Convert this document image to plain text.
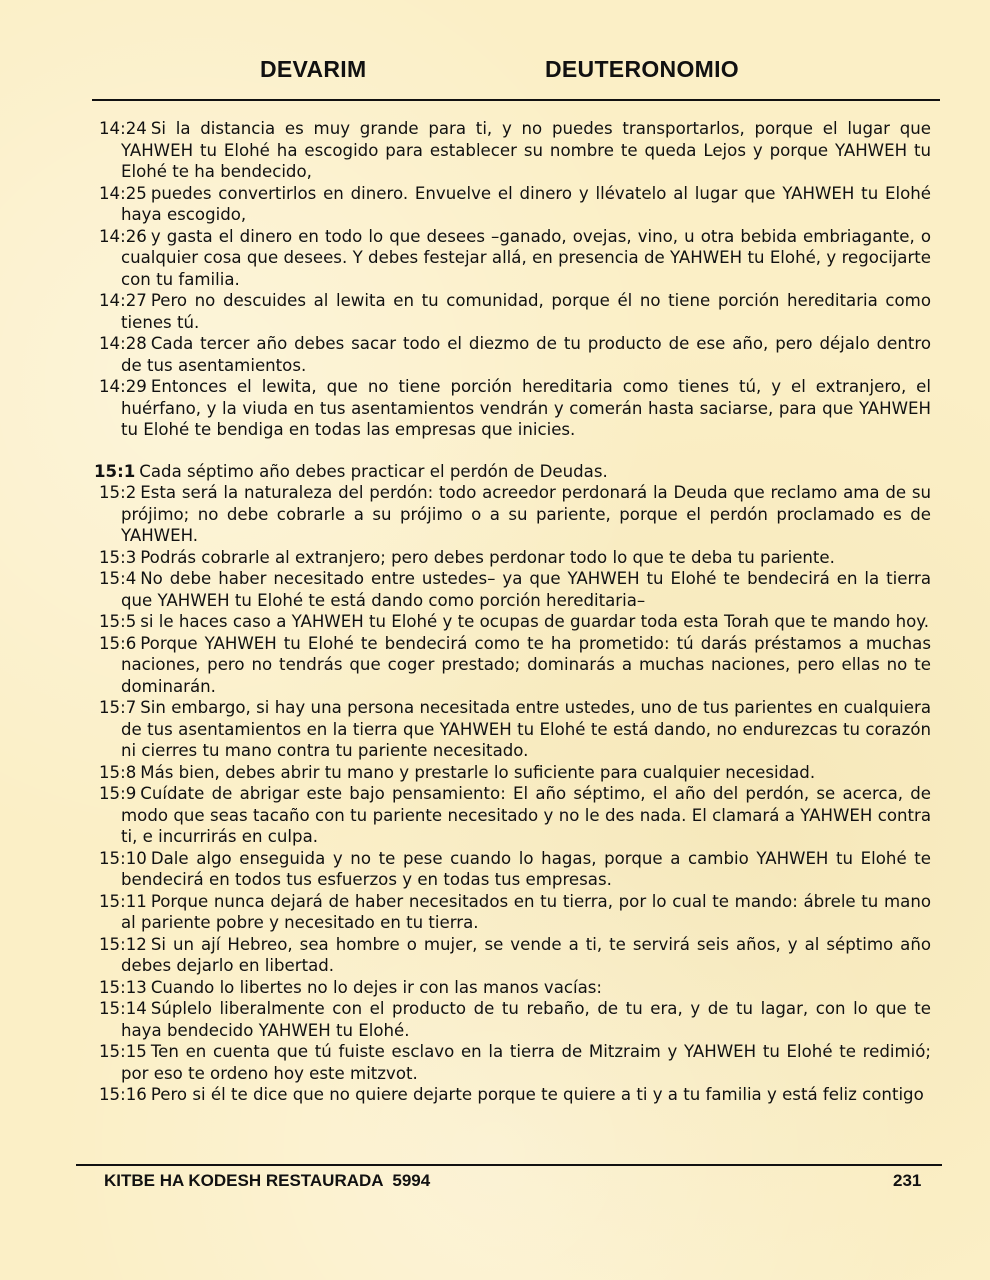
DEVARIM	DEUTERONOMIO

14:24 Si la distancia es muy grande para ti, y no puedes transportarlos, porque el lugar que YAHWEH tu Elohé ha escogido para establecer su nombre te queda Lejos y porque YAHWEH tu Elohé te ha bendecido,

14:25 puedes convertirlos en dinero. Envuelve el dinero y llévatelo al lugar que YAHWEH tu Elohé haya escogido,

14:26 y gasta el dinero en todo lo que desees –ganado, ovejas, vino, u otra bebida embriagante, o cualquier cosa que desees. Y debes festejar allá, en presencia de YAHWEH tu Elohé, y regocijarte con tu familia.

14:27 Pero no descuides al lewita en tu comunidad, porque él no tiene porción hereditaria como tienes tú.

14:28 Cada tercer año debes sacar todo el diezmo de tu producto de ese año, pero déjalo dentro de tus asentamientos.

14:29 Entonces el lewita, que no tiene porción hereditaria como tienes tú, y el extranjero, el huérfano, y la viuda en tus asentamientos vendrán y comerán hasta saciarse, para que YAHWEH tu Elohé te bendiga en todas las empresas que inicies.

15:1 Cada séptimo año debes practicar el perdón de Deudas.

15:2 Esta será la naturaleza del perdón: todo acreedor perdonará la Deuda que reclamo ama de su prójimo; no debe cobrarle a su prójimo o a su pariente, porque el perdón proclamado es de YAHWEH.

15:3 Podrás cobrarle al extranjero; pero debes perdonar todo lo que te deba tu pariente.

15:4 No debe haber necesitado entre ustedes– ya que YAHWEH tu Elohé te bendecirá en la tierra que YAHWEH tu Elohé te está dando como porción hereditaria–

15:5 si le haces caso a YAHWEH tu Elohé y te ocupas de guardar toda esta Torah que te mando hoy.

15:6 Porque YAHWEH tu Elohé te bendecirá como te ha prometido: tú darás préstamos a muchas naciones, pero no tendrás que coger prestado; dominarás a muchas naciones, pero ellas no te dominarán.

15:7 Sin embargo, si hay una persona necesitada entre ustedes, uno de tus parientes en cualquiera de tus asentamientos en la tierra que YAHWEH tu Elohé te está dando, no endurezcas tu corazón ni cierres tu mano contra tu pariente necesitado.

15:8 Más bien, debes abrir tu mano y prestarle lo suficiente para cualquier necesidad.

15:9 Cuídate de abrigar este bajo pensamiento: El año séptimo, el año del perdón, se acerca, de modo que seas tacaño con tu pariente necesitado y no le des nada. El clamará a YAHWEH contra ti, e incurrirás en culpa.

15:10 Dale algo enseguida y no te pese cuando lo hagas, porque a cambio YAHWEH tu Elohé te bendecirá en todos tus esfuerzos y en todas tus empresas.

15:11 Porque nunca dejará de haber necesitados en tu tierra, por lo cual te mando: ábrele tu mano al pariente pobre y necesitado en tu tierra.

15:12 Si un ají Hebreo, sea hombre o mujer, se vende a ti, te servirá seis años, y al séptimo año debes dejarlo en libertad.

15:13 Cuando lo libertes no lo dejes ir con las manos vacías:

15:14 Súplelo liberalmente con el producto de tu rebaño, de tu era, y de tu lagar, con lo que te haya bendecido YAHWEH tu Elohé.

15:15 Ten en cuenta que tú fuiste esclavo en la tierra de Mitzraim y YAHWEH tu Elohé te redimió; por eso te ordeno hoy este mitzvot.

15:16 Pero si él te dice que no quiere dejarte porque te quiere a ti y a tu familia y está feliz contigo

KITBE HA KODESH RESTAURADA  5994	231
